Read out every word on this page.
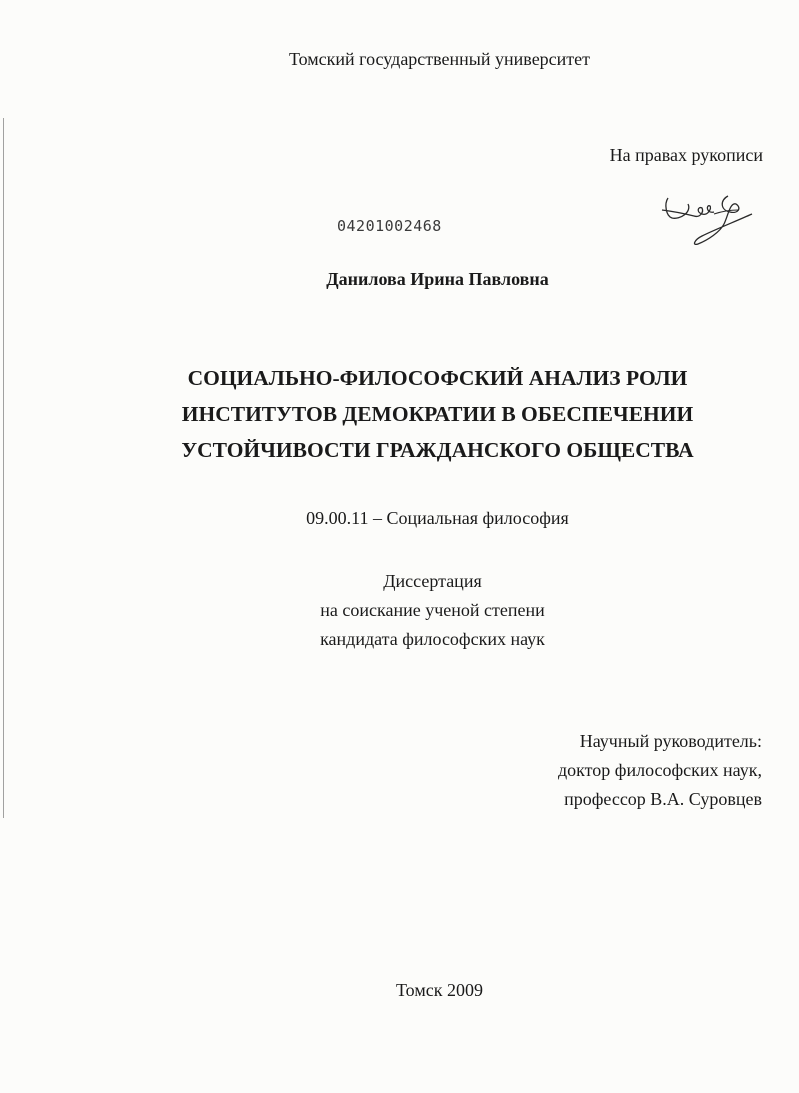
Томский государственный университет
На правах рукописи
04201002468
Данилова Ирина Павловна
СОЦИАЛЬНО-ФИЛОСОФСКИЙ АНАЛИЗ РОЛИ
ИНСТИТУТОВ ДЕМОКРАТИИ В ОБЕСПЕЧЕНИИ
УСТОЙЧИВОСТИ ГРАЖДАНСКОГО ОБЩЕСТВА
09.00.11 – Социальная философия
Диссертация
на соискание ученой степени
кандидата философских наук
Научный руководитель:
доктор философских наук,
профессор В.А. Суровцев
Томск 2009
